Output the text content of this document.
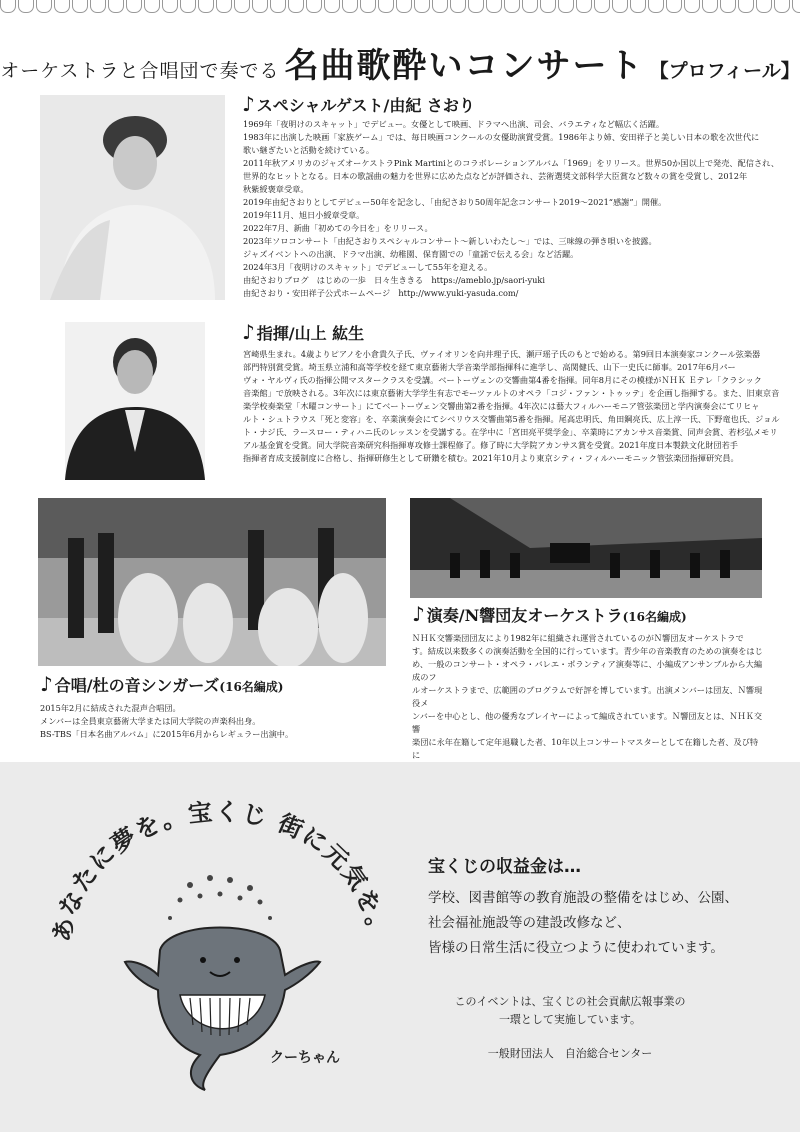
オーケストラと合唱団で奏でる 名曲歌酔いコンサート 【プロフィール】
♪ スペシャルゲスト/由紀 さおり

1969年「夜明けのスキャット」でデビュー。女優として映画、ドラマへ出演、司会、バラエティなど幅広く活躍。

1983年に出演した映画「家族ゲーム」では、毎日映画コンクールの女優助演賞受賞。1986年より姉、安田祥子と美しい日本の歌を次世代に

歌い継ぎたいと活動を続けている。

2011年秋アメリカのジャズオーケストラPink Martiniとのコラボレーションアルバム「1969」をリリース。世界50か国以上で発売、配信され、

世界的なヒットとなる。日本の歌謡曲の魅力を世界に広めた点などが評価され、芸術選奨文部科学大臣賞など数々の賞を受賞し、2012年

秋紫綬褒章受章。

2019年由紀さおりとしてデビュー50年を記念し、「由紀さおり50周年記念コンサート2019〜2021“感謝”」開催。

2019年11月、旭日小綬章受章。

2022年7月、新曲「初めての今日を」をリリース。

2023年ソロコンサート「由紀さおりスペシャルコンサート〜新しいわたし〜」では、三味線の弾き唄いを披露。

ジャズイベントへの出演、ドラマ出演、幼稚園、保育園での「童謡で伝える会」など活躍。

2024年3月「夜明けのスキャット」でデビューして55年を迎える。

由紀さおりブログ　はじめの一歩　日々生ききる　https://ameblo.jp/saori-yuki

由紀さおり・安田祥子公式ホームページ　http://www.yuki-yasuda.com/

♪ 指揮/山上 紘生

宮崎県生まれ。4歳よりピアノを小倉貴久子氏、ヴァイオリンを向井理子氏、瀬戸瑶子氏のもとで始める。第9回日本演奏家コンクール弦楽器

部門特別賞受賞。埼玉県立浦和高等学校を経て東京藝術大学音楽学部指揮科に進学し、高関健氏、山下一史氏に師事。2017年6月パー

ヴォ・ヤルヴィ氏の指揮公開マスタークラスを受講。ベートーヴェンの交響曲第4番を指揮。同年8月にその模様がＮＨＫ Ｅテレ「クラシック

音楽館」で放映される。3年次には東京藝術大学学生有志でモーツァルトのオペラ「コジ・ファン・トゥッテ」を企画し指揮する。また、旧東京音

楽学校奏楽堂「木曜コンサート」にてベートーヴェン交響曲第2番を指揮。4年次には藝大フィルハーモニア管弦楽団と学内演奏会にてリヒャ

ルト・シュトラウス「死と変容」を、卒業演奏会にてシベリウス交響曲第5番を指揮。尾高忠明氏、角田鋼亮氏、広上淳一氏、下野竜也氏、ジョル

ト・ナジ氏、ラースロー・ティハニ氏のレッスンを受講する。在学中に「宮田亮平奨学金」、卒業時にアカンサス音楽賞、同声会賞、若杉弘メモリ

アル基金賞を受賞。同大学院音楽研究科指揮専攻修士課程修了。修了時に大学院アカンサス賞を受賞。2021年度日本製鉄文化財団若手

指揮者育成支援制度に合格し、指揮研修生として研鑽を積む。2021年10月より東京シティ・フィルハーモニック管弦楽団指揮研究員。

♪ 合唱/杜の音シンガーズ(16名編成)

2015年2月に結成された混声合唱団。

メンバーは全員東京藝術大学または同大学院の声楽科出身。

BS-TBS「日本名曲アルバム」に2015年6月からレギュラー出演中。

♪ 演奏/N響団友オーケストラ(16名編成)

ＮＨＫ交響楽団団友により1982年に組織され運営されているのがＮ響団友オーケストラで

す。結成以来数多くの演奏活動を全国的に行っています。青少年の音楽教育のための演奏をはじ

め、一般のコンサート・オペラ・バレエ・ポランティア演奏等に、小編成アンサンブルから大編成のフ

ルオーケストラまで、広範囲のプログラムで好評を博しています。出演メンバーは団友、Ｎ響現役メ

ンバーを中心とし、他の優秀なプレイヤーによって編成されています。Ｎ響団友とは、ＮＨＫ交響

楽団に永年在籍して定年退職した者、10年以上コンサートマスターとして在籍した者、及び特に

あなたに夢を。宝くじ 街に元気を。
クーちゃん
宝くじの収益金は…

学校、図書館等の教育施設の整備をはじめ、公園、

社会福祉施設等の建設改修など、

皆様の日常生活に役立つように使われています。

このイベントは、宝くじの社会貢献広報事業の

一環として実施しています。

一般財団法人　自治総合センター
